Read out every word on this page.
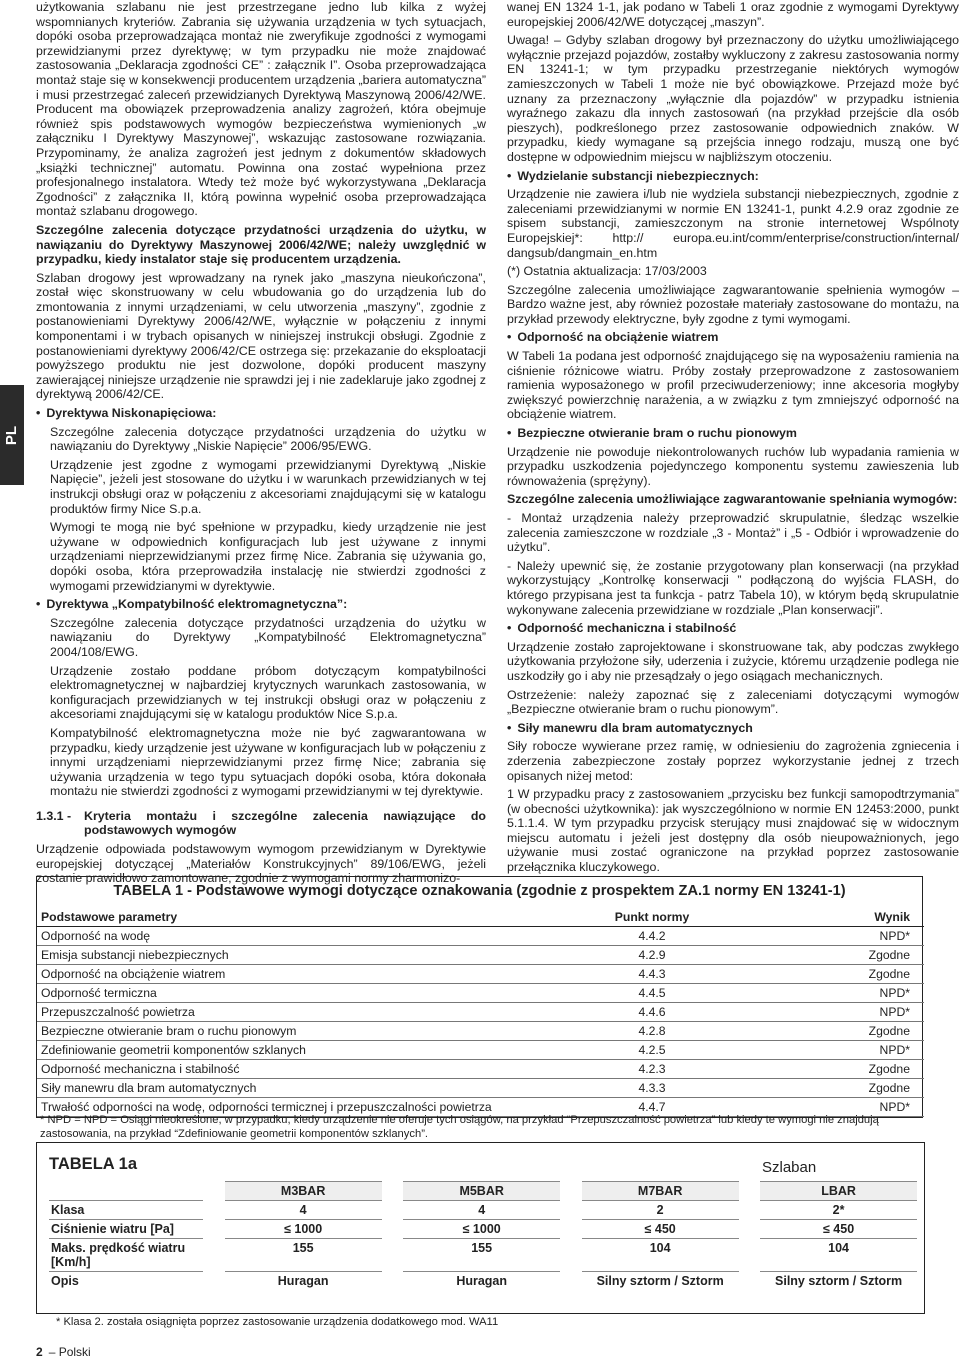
PL

użytkowania szlabanu nie jest przestrzegane jedno lub kilka z wyżej wspomnianych kryteriów. Zabrania się używania urządzenia w tych sytuacjach, dopóki osoba przeprowadzająca montaż nie zweryfikuje zgodności z wymogami przewidzianymi przez dyrektywę; w tym przypadku nie może znajdować zastosowania „Deklaracja zgodności CE” : załącznik I”. Osoba przeprowadzająca montaż staje się w konsekwencji producentem urządzenia „bariera automatyczna” i musi przestrzegać zaleceń przewidzianych Dyrektywą Maszynową 2006/42/WE. Producent ma obowiązek przeprowadzenia analizy zagrożeń, która obejmuje również spis podstawowych wymogów bezpieczeństwa wymienionych „w załączniku I Dyrektywy Maszynowej”, wskazując zastosowane rozwiązania. Przypominamy, że analiza zagrożeń jest jednym z dokumentów składowych „książki technicznej” automatu. Powinna ona zostać wypełniona przez profesjonalnego instalatora. Wtedy też może być wykorzystywana „Deklaracja Zgodności” z załącznika II, którą powinna wypełnić osoba przeprowadzająca montaż szlabanu drogowego.

Szczególne zalecenia dotyczące przydatności urządzenia do użytku, w nawiązaniu do Dyrektywy Maszynowej 2006/42/WE; należy uwzględnić w przypadku, kiedy instalator staje się producentem urządzenia.

Szlaban drogowy jest wprowadzany na rynek jako „maszyna nieukończona”, został więc skonstruowany w celu wbudowania go do urządzenia lub do zmontowania z innymi urządzeniami, w celu utworzenia „maszyny”, zgodnie z postanowieniami Dyrektywy 2006/42/WE, wyłącznie w połączeniu z innymi komponentami i w trybach opisanych w niniejszej instrukcji obsługi. Zgodnie z postanowieniami dyrektywy 2006/42/CE ostrzega się: przekazanie do eksploatacji powyższego produktu nie jest dozwolone, dopóki producent maszyny zawierającej niniejsze urządzenie nie sprawdzi jej i nie zadeklaruje jako zgodnej z dyrektywą 2006/42/CE.

• Dyrektywa Niskonapięciowa:

Szczególne zalecenia dotyczące przydatności urządzenia do użytku w nawiązaniu do Dyrektywy „Niskie Napięcie” 2006/95/EWG.

Urządzenie jest zgodne z wymogami przewidzianymi Dyrektywą „Niskie Napięcie”, jeżeli jest stosowane do użytku i w warunkach przewidzianych w tej instrukcji obsługi oraz w połączeniu z akcesoriami znajdującymi się w katalogu produktów firmy Nice S.p.a.

Wymogi te mogą nie być spełnione w przypadku, kiedy urządzenie nie jest używane w odpowiednich konfiguracjach lub jest używane z innymi urządzeniami nieprzewidzianymi przez firmę Nice. Zabrania się używania go, dopóki osoba, która przeprowadziła instalację nie stwierdzi zgodności z wymogami przewidzianymi w dyrektywie.

• Dyrektywa „Kompatybilność elektromagnetyczna”:

Szczególne zalecenia dotyczące przydatności urządzenia do użytku w nawiązaniu do Dyrektywy „Kompatybilność Elektromagnetyczna” 2004/108/EWG.

Urządzenie zostało poddane próbom dotyczącym kompatybilności elektromagnetycznej w najbardziej krytycznych warunkach zastosowania, w konfiguracjach przewidzianych w tej instrukcji obsługi oraz w połączeniu z akcesoriami znajdującymi się w katalogu produktów Nice S.p.a.

Kompatybilność elektromagnetyczna może nie być zagwarantowana w przypadku, kiedy urządzenie jest używane w konfiguracjach lub w połączeniu z innymi urządzeniami nieprzewidzianymi przez firmę Nice; zabrania się używania urządzenia w tego typu sytuacjach dopóki osoba, która dokonała montażu nie stwierdzi zgodności z wymogami przewidzianymi w tej dyrektywie.

1.3.1 -	Kryteria montażu i szczególne zalecenia nawiązujące do podstawowych wymogów

Urządzenie odpowiada podstawowym wymogom przewidzianym w Dyrektywie europejskiej dotyczącej „Materiałów Konstrukcyjnych” 89/106/EWG, jeżeli zostanie prawidłowo zamontowane, zgodnie z wymogami normy zharmonizo-

wanej EN 1324 1-1, jak podano w Tabeli 1 oraz zgodnie z wymogami Dyrektywy europejskiej 2006/42/WE dotyczącej „maszyn”.

Uwaga! – Gdyby szlaban drogowy był przeznaczony do użytku umożliwiającego wyłącznie przejazd pojazdów, zostałby wykluczony z zakresu zastosowania normy EN 13241-1; w tym przypadku przestrzeganie niektórych wymogów zamieszczonych w Tabeli 1 może nie być obowiązkowe. Przejazd może być uznany za przeznaczony „wyłącznie dla pojazdów” w przypadku istnienia wyraźnego zakazu dla innych zastosowań (na przykład przejście dla osób pieszych), podkreślonego przez zastosowanie odpowiednich znaków. W przypadku, kiedy wymagane są przejścia innego rodzaju, muszą one być dostępne w odpowiednim miejscu w najbliższym otoczeniu.

• Wydzielanie substancji niebezpiecznych:

Urządzenie nie zawiera i/lub nie wydziela substancji niebezpiecznych, zgodnie z zaleceniami przewidzianymi w normie EN 13241-1, punkt 4.2.9 oraz zgodnie ze spisem substancji, zamieszczonym na stronie internetowej Wspólnoty Europejskiej*: http:// europa.eu.int/comm/enterprise/construction/internal/ dangsub/dangmain_en.htm

(*) Ostatnia aktualizacja: 17/03/2003

Szczególne zalecenia umożliwiające zagwarantowanie spełnienia wymogów – Bardzo ważne jest, aby również pozostałe materiały zastosowane do montażu, na przykład przewody elektryczne, były zgodne z tymi wymogami.

• Odporność na obciążenie wiatrem

W Tabeli 1a podana jest odporność znajdującego się na wyposażeniu ramienia na ciśnienie różnicowe wiatru. Próby zostały przeprowadzone z zastosowaniem ramienia wyposażonego w profil przeciwuderzeniowy; inne akcesoria mogłyby zwiększyć powierzchnię narażenia, a w związku z tym zmniejszyć odporność na obciążenie wiatrem.

• Bezpieczne otwieranie bram o ruchu pionowym

Urządzenie nie powoduje niekontrolowanych ruchów lub wypadania ramienia w przypadku uszkodzenia pojedynczego komponentu systemu zawieszenia lub równoważenia (sprężyny).

Szczególne zalecenia umożliwiające zagwarantowanie spełniania wymogów:

- Montaż urządzenia należy przeprowadzić skrupulatnie, śledząc wszelkie zalecenia zamieszczone w rozdziale „3 - Montaż” i „5 - Odbiór i wprowadzenie do użytku”.

- Należy upewnić się, że zostanie przygotowany plan konserwacji (na przykład wykorzystujący „Kontrolkę konserwacji ” podłączoną do wyjścia FLASH, do którego przypisana jest ta funkcja - patrz Tabela 10), w którym będą skrupulatnie wykonywane zalecenia przewidziane w rozdziale „Plan konserwacji”.

• Odporność mechaniczna i stabilność

Urządzenie zostało zaprojektowane i skonstruowane tak, aby podczas zwykłego użytkowania przyłożone siły, uderzenia i zużycie, któremu urządzenie podlega nie uszkodziły go i aby nie przesądzały o jego osiągach mechanicznych.

Ostrzeżenie: należy zapoznać się z zaleceniami dotyczącymi wymogów „Bezpieczne otwieranie bram o ruchu pionowym”.

• Siły manewru dla bram automatycznych

Siły robocze wywierane przez ramię, w odniesieniu do zagrożenia zgniecenia i zderzenia zabezpieczone zostały poprzez wykorzystanie jednej z trzech opisanych niżej metod:

1 W przypadku pracy z zastosowaniem „przycisku bez funkcji samopodtrzymania” (w obecności użytkownika): jak wyszczególniono w normie EN 12453:2000, punkt 5.1.1.4. W tym przypadku przycisk sterujący musi znajdować się w widocznym miejscu automatu i jeżeli jest dostępny dla osób nieupoważnionych, jego używanie musi zostać ograniczone na przykład poprzez zastosowanie przełącznika kluczykowego.

TABELA 1 - Podstawowe wymogi dotyczące oznakowania (zgodnie z prospektem ZA.1 normy EN 13241-1)
Podstawowe parametry	Punkt normy	Wynik
Odporność na wodę	4.4.2	NPD*
Emisja substancji niebezpiecznych	4.2.9	Zgodne
Odporność na obciążenie wiatrem	4.4.3	Zgodne
Odporność termiczna	4.4.5	NPD*
Przepuszczalność powietrza	4.4.6	NPD*
Bezpieczne otwieranie bram o ruchu pionowym	4.2.8	Zgodne
Zdefiniowanie geometrii komponentów szklanych	4.2.5	NPD*
Odporność mechaniczna i stabilność	4.2.3	Zgodne
Siły manewru dla bram automatycznych	4.3.3	Zgodne
Trwałość odporności na wodę, odporności termicznej i przepuszczalności powietrza	4.4.7	NPD*
* NPD = NPD = Osiągi nieokreślone, w przypadku, kiedy urządzenie nie oferuje tych osiągów, na przykład “Przepuszczalność powietrza” lub kiedy te wymogi nie znajdują zastosowania, na przykład “Zdefiniowanie geometrii komponentów szklanych”.
TABELA 1a	Szlaban
		M3BAR		M5BAR		M7BAR		LBAR
Klasa		4		4		2		2*
Ciśnienie wiatru [Pa]		≤ 1000		≤ 1000		≤ 450		≤ 450
Maks. prędkość wiatru [Km/h]		155		155		104		104
Opis		Huragan		Huragan		Silny sztorm / Sztorm		Silny sztorm / Sztorm
* Klasa 2. została osiągnięta poprzez zastosowanie urządzenia dodatkowego mod. WA11
2 – Polski
